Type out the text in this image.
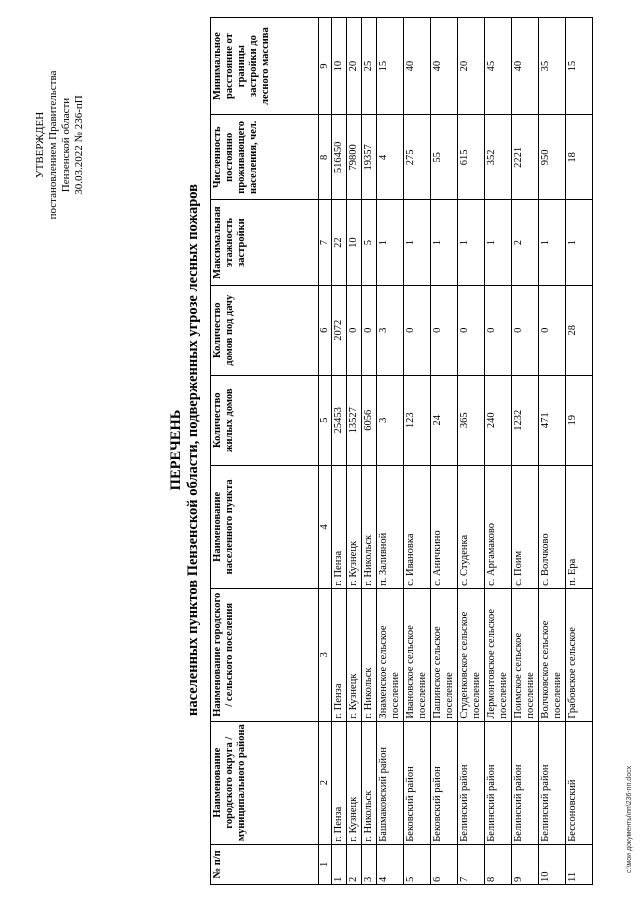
УТВЕРЖДЕН постановлением Правительства Пензенской области 30.03.2022 № 236-пП
ПЕРЕЧЕНЬ населенных пунктов Пензенской области, подверженных угрозе лесных пожаров
№ п/п	Наименование городского округа / муниципального района	Наименование городского / сельского поселения	Наименование населенного пункта	Количество жилых домов	Количество домов под дачу	Максимальная этажность застройки	Численность постоянно проживающего населения, чел.	Минимальное расстояние от границы застройки до лесного массива
1	2	3	4	5	6	7	8	9
1	г. Пенза	г. Пенза	г. Пенза	25453	2072	22	516450	10
2	г. Кузнецк	г. Кузнецк	г. Кузнецк	13527	0	10	79800	20
3	г. Никольск	г. Никольск	г. Никольск	6056	0	5	19357	25
4	Башмаковский район	Знаменское сельское поселение	п. Заливной	3	3	1	4	15
5	Бековский район	Ивановское сельское поселение	с. Ивановка	123	0	1	275	40
6	Бековский район	Пашинское сельское поселение	с. Аничкино	24	0	1	55	40
7	Белинский район	Студенковское сельское поселение	с. Студенка	365	0	1	615	20
8	Белинский район	Лермонтовское сельское поселение	с. Аргамаково	240	0	1	352	45
9	Белинский район	Поимское сельское поселение	с. Поим	1232	0	2	2221	40
10	Белинский район	Волчковское сельское поселение	с. Волчково	471	0	1	950	35
11	Бессоновский	Грабовское сельское	п. Ера	19	28	1	18	15
c:\мои документы\пп\236-пп.docx
